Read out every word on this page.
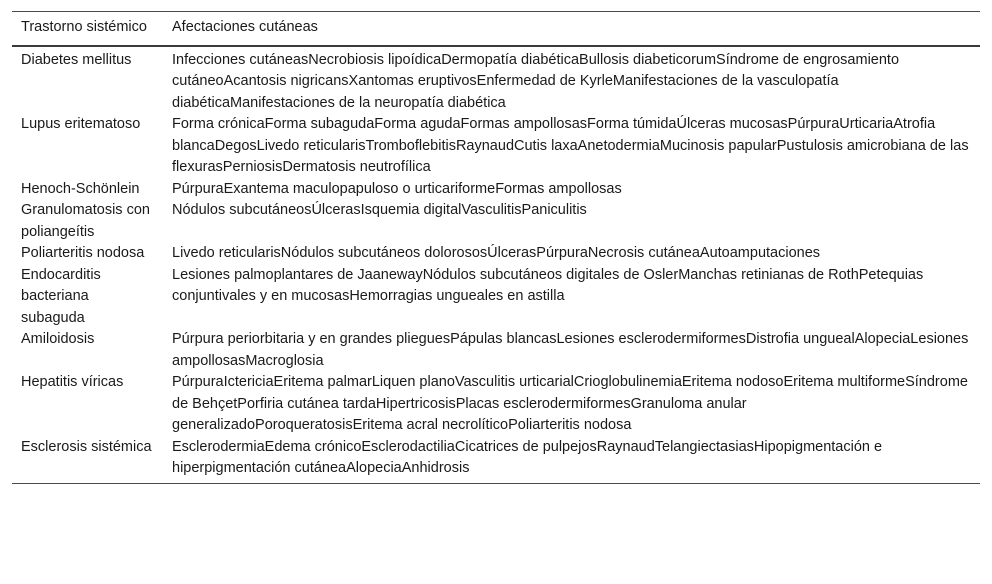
Trastorno sistémico	Afectaciones cutáneas
Diabetes mellitus	Infecciones cutáneasNecrobiosis lipoídicaDermopatía diabéticaBullosis diabeticorumSíndrome de engrosamiento cutáneoAcantosis nigricansXantomas eruptivosEnfermedad de KyrleManifestaciones de la vasculopatía diabéticaManifestaciones de la neuropatía diabética
Lupus eritematoso	Forma crónicaForma subagudaForma agudaFormas ampollosasForma túmidaÚlceras mucosasPúrpuraUrticariaAtrofia blancaDegosLivedo reticularisTromboflebitisRaynaudCutis laxaAnetodermiaMucinosis papularPustulosis amicrobiana de las flexurasPerniosisDermatosis neutrofílica
Henoch-Schönlein	PúrpuraExantema maculopapuloso o urticariformeFormas ampollosas
Granulomatosis con poliangeítis	Nódulos subcutáneosÚlcerasIsquemia digitalVasculitisPaniculitis
Poliarteritis nodosa	Livedo reticularisNódulos subcutáneos dolorososÚlcerasPúrpuraNecrosis cutáneaAutoamputaciones
Endocarditis bacteriana subaguda	Lesiones palmoplantares de JaanewayNódulos subcutáneos digitales de OslerManchas retinianas de RothPetequias conjuntivales y en mucosasHemorragias ungueales en astilla
Amiloidosis	Púrpura periorbitaria y en grandes plieguesPápulas blancasLesiones esclerodermiformesDistrofia unguealAlopeciaLesiones ampollosasMacroglosia
Hepatitis víricas	PúrpuraIctericiaEritema palmarLiquen planoVasculitis urticarialCrioglobulinemiaEritema nodosoEritema multiformeSíndrome de BehçetPorfiria cutánea tardaHipertricosisPlacas esclerodermiformesGranuloma anular generalizadoPoroqueratosisEritema acral necrolíticoPoliarteritis nodosa
Esclerosis sistémica	EsclerodermiaEdema crónicoEsclerodactiliaCicatrices de pulpejosRaynaudTelangiectasiasHipopigmentación e hiperpigmentación cutáneaAlopeciaAnhidrosis
